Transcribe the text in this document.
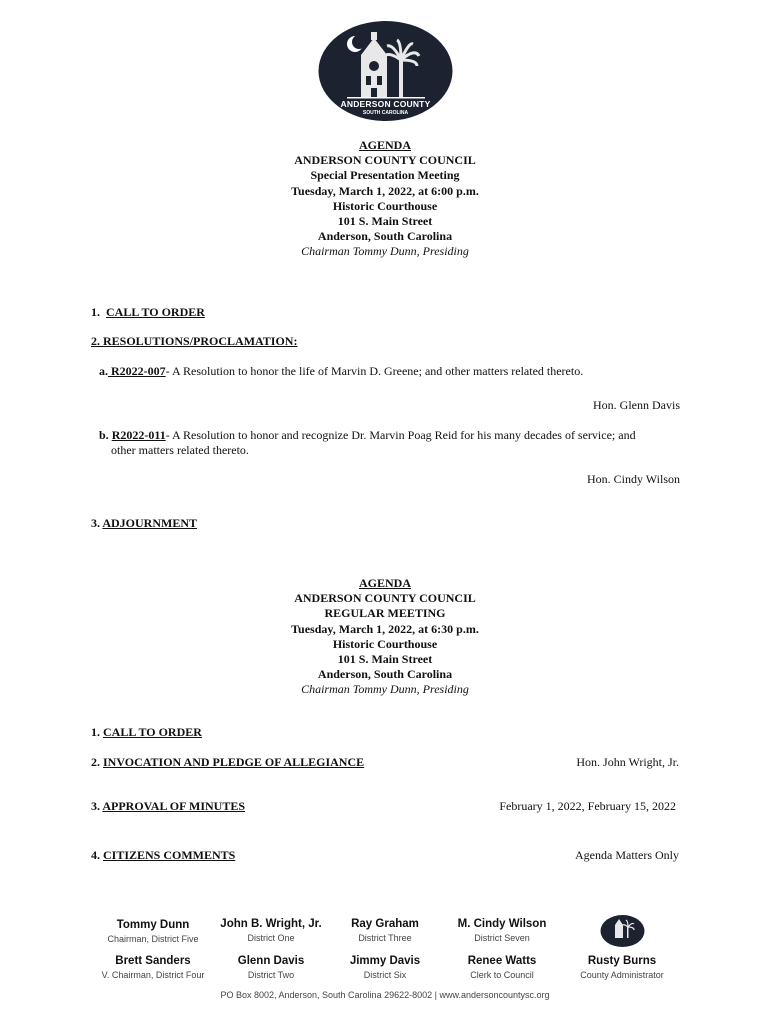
ANDERSON COUNTY
SOUTH CAROLINA
AGENDA
ANDERSON COUNTY COUNCIL
Special Presentation Meeting
Tuesday, March 1, 2022, at 6:00 p.m.
Historic Courthouse
101 S. Main Street
Anderson, South Carolina
Chairman Tommy Dunn, Presiding
1. CALL TO ORDER
2. RESOLUTIONS/PROCLAMATION:
a. R2022-007- A Resolution to honor the life of Marvin D. Greene; and other matters related thereto.
Hon. Glenn Davis
b. R2022-011- A Resolution to honor and recognize Dr. Marvin Poag Reid for his many decades of service; and
other matters related thereto.
Hon. Cindy Wilson
3. ADJOURNMENT
AGENDA
ANDERSON COUNTY COUNCIL
REGULAR MEETING
Tuesday, March 1, 2022, at 6:30 p.m.
Historic Courthouse
101 S. Main Street
Anderson, South Carolina
Chairman Tommy Dunn, Presiding
1. CALL TO ORDER
2. INVOCATION AND PLEDGE OF ALLEGIANCE	Hon. John Wright, Jr.
3. APPROVAL OF MINUTES	February 1, 2022, February 15, 2022
4. CITIZENS COMMENTS	Agenda Matters Only
Tommy Dunn
Chairman, District Five
John B. Wright, Jr.
District One
Ray Graham
District Three
M. Cindy Wilson
District Seven
Brett Sanders
V. Chairman, District Four
Glenn Davis
District Two
Jimmy Davis
District Six
Renee Watts
Clerk to Council
Rusty Burns
County Administrator
PO Box 8002, Anderson, South Carolina 29622-8002 | www.andersoncountysc.org
